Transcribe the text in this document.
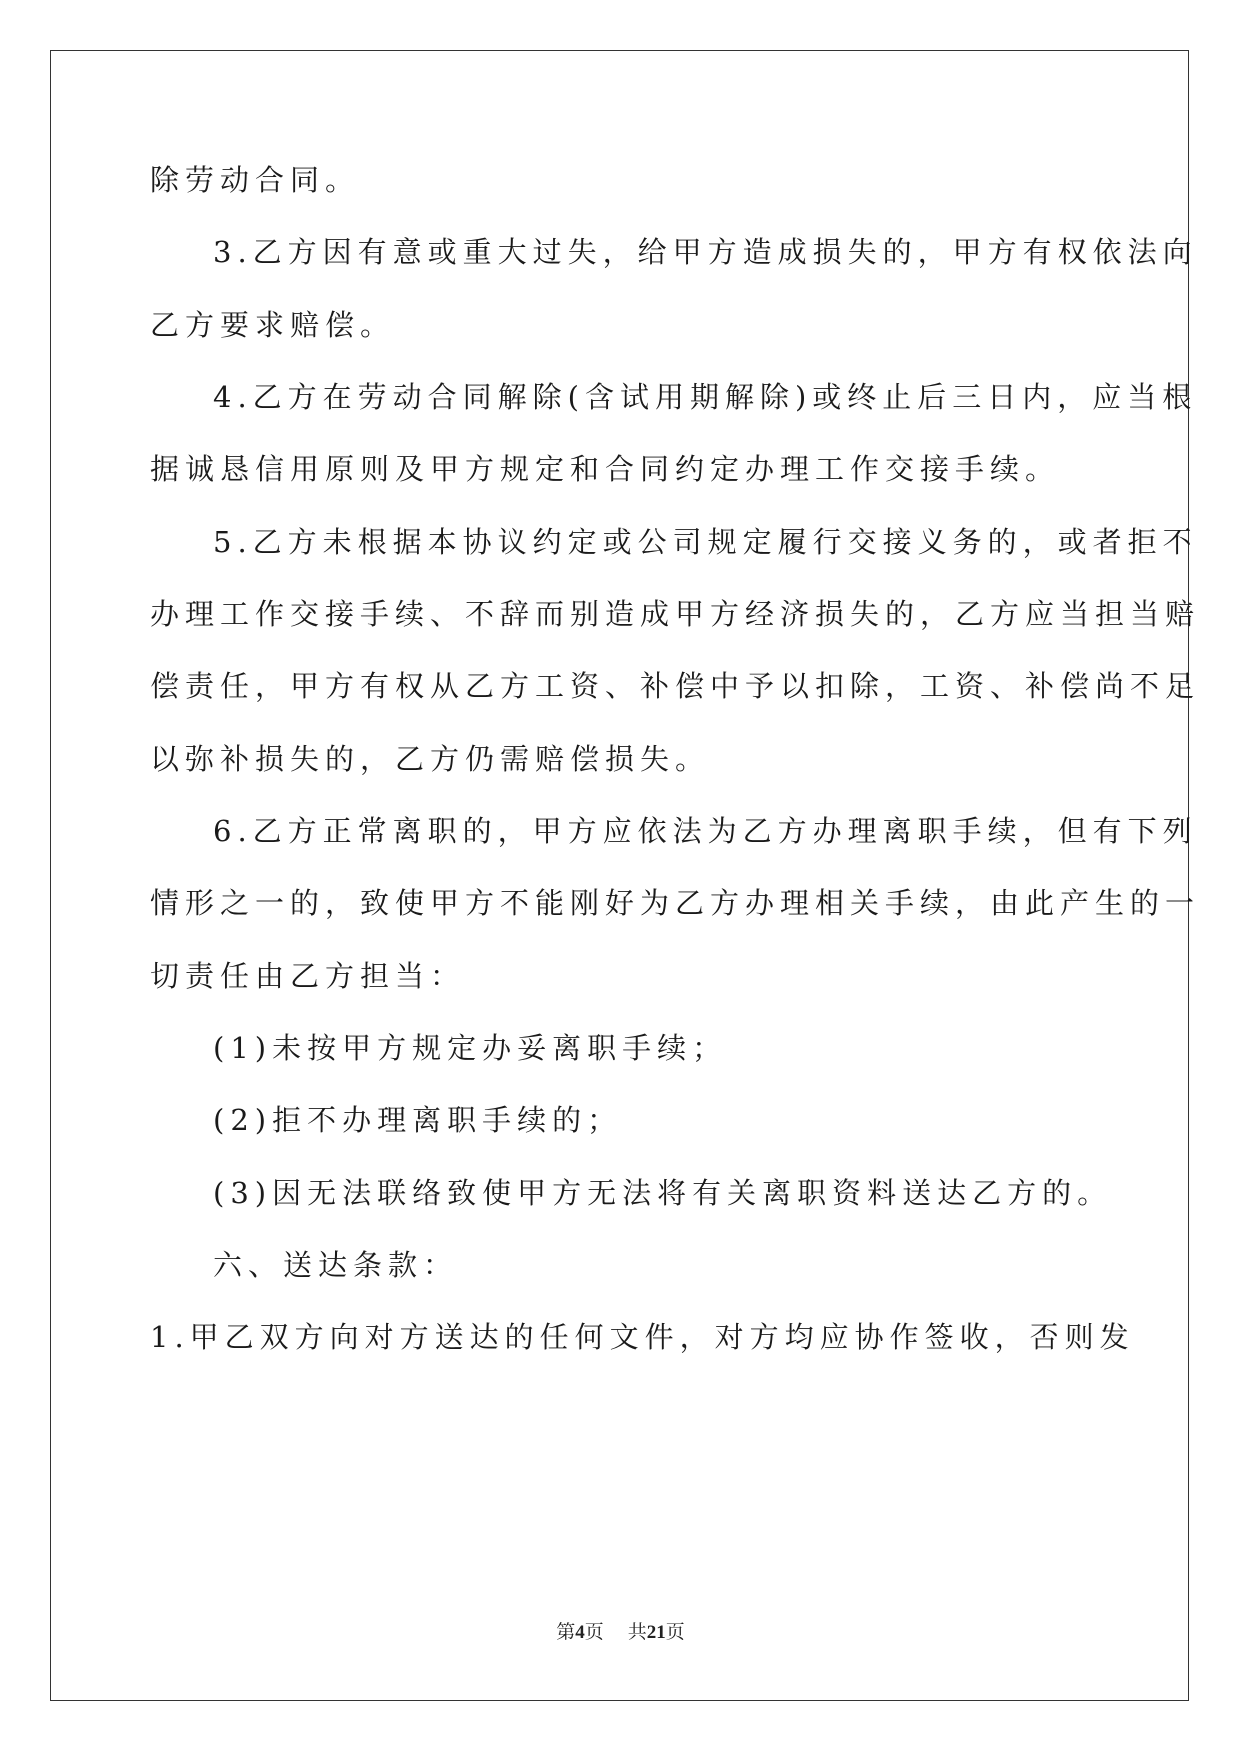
除劳动合同。
3.乙方因有意或重大过失，给甲方造成损失的，甲方有权依法向
乙方要求赔偿。
4.乙方在劳动合同解除(含试用期解除)或终止后三日内，应当根
据诚恳信用原则及甲方规定和合同约定办理工作交接手续。
5.乙方未根据本协议约定或公司规定履行交接义务的，或者拒不
办理工作交接手续、不辞而别造成甲方经济损失的，乙方应当担当赔
偿责任，甲方有权从乙方工资、补偿中予以扣除，工资、补偿尚不足
以弥补损失的，乙方仍需赔偿损失。
6.乙方正常离职的，甲方应依法为乙方办理离职手续，但有下列
情形之一的，致使甲方不能刚好为乙方办理相关手续，由此产生的一
切责任由乙方担当：
(1)未按甲方规定办妥离职手续；
(2)拒不办理离职手续的；
(3)因无法联络致使甲方无法将有关离职资料送达乙方的。
六、送达条款：
1.甲乙双方向对方送达的任何文件，对方均应协作签收，否则发
第4页 共21页
